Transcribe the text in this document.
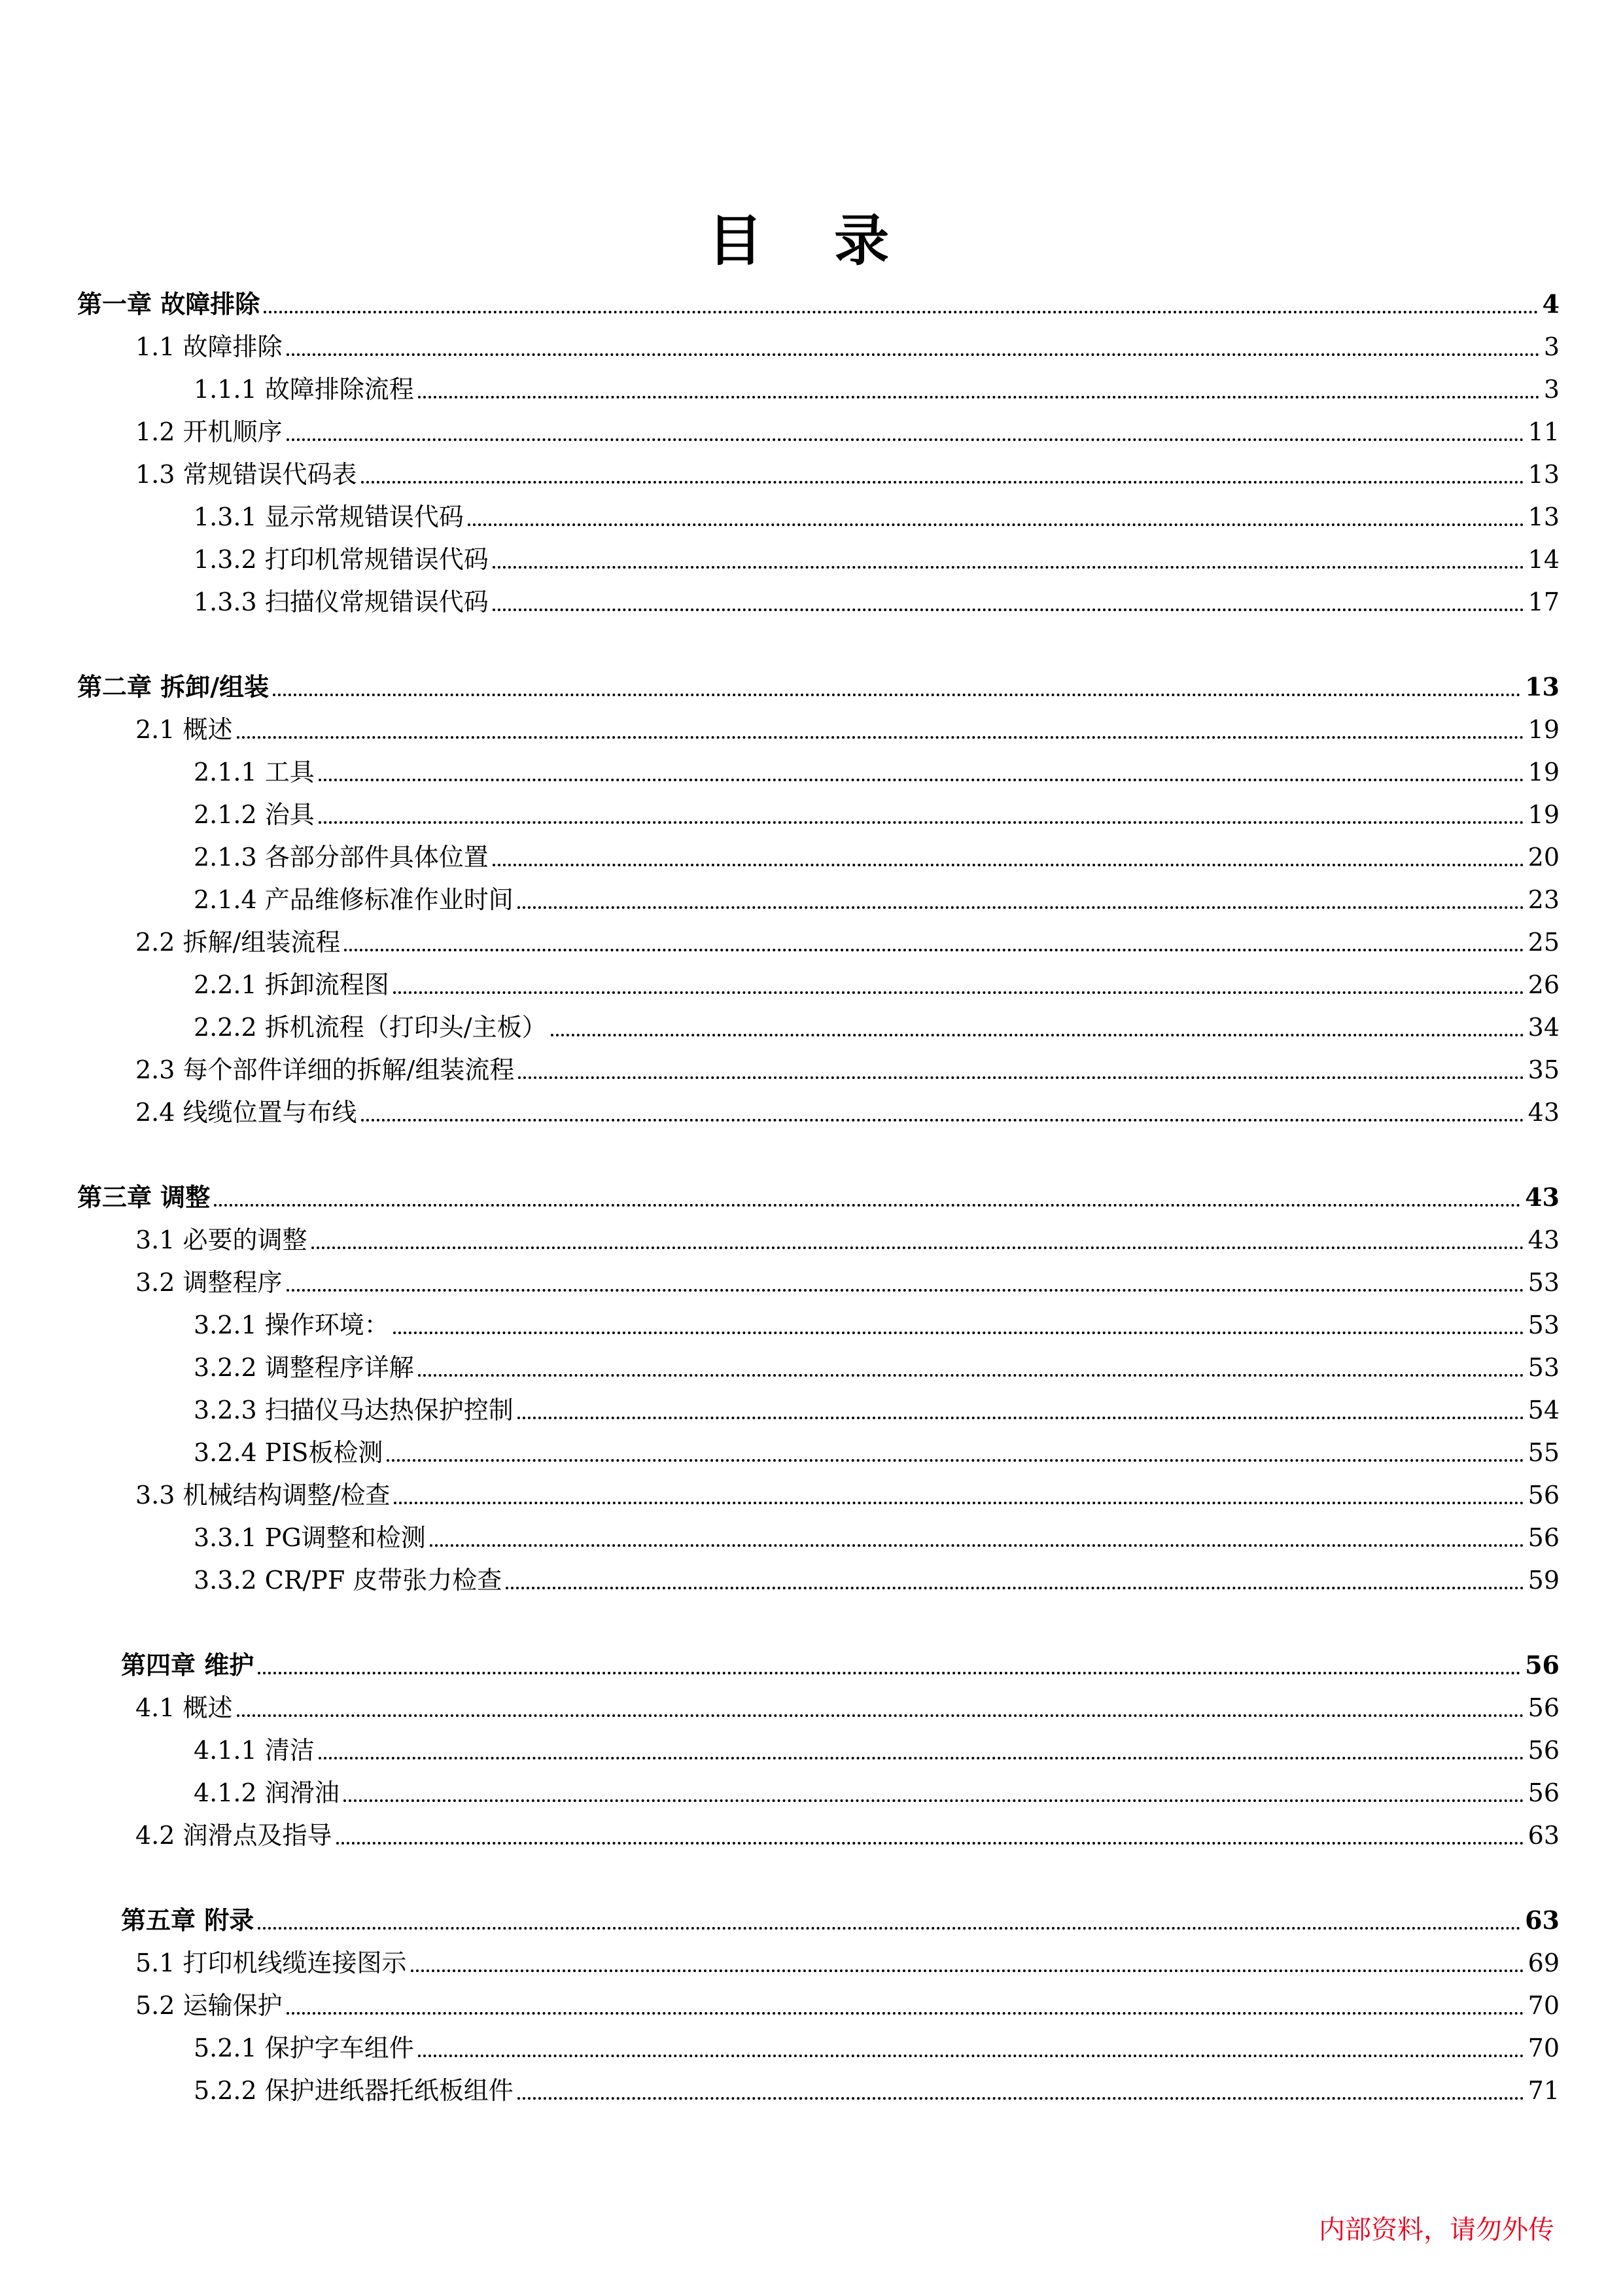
目 录
第一章 故障排除	4
1.1 故障排除	3
1.1.1 故障排除流程	3
1.2 开机顺序	11
1.3 常规错误代码表	13
1.3.1 显示常规错误代码	13
1.3.2 打印机常规错误代码	14
1.3.3 扫描仪常规错误代码	17
第二章 拆卸/组装	13
2.1 概述	19
2.1.1 工具	19
2.1.2 治具	19
2.1.3 各部分部件具体位置	20
2.1.4 产品维修标准作业时间	23
2.2 拆解/组装流程	25
2.2.1 拆卸流程图	26
2.2.2 拆机流程（打印头/主板）	34
2.3 每个部件详细的拆解/组装流程	35
2.4 线缆位置与布线	43
第三章 调整	43
3.1 必要的调整	43
3.2 调整程序	53
3.2.1 操作环境：	53
3.2.2 调整程序详解	53
3.2.3 扫描仪马达热保护控制	54
3.2.4 PIS板检测	55
3.3 机械结构调整/检查	56
3.3.1 PG调整和检测	56
3.3.2 CR/PF 皮带张力检查	59
第四章 维护	56
4.1 概述	56
4.1.1 清洁	56
4.1.2 润滑油	56
4.2 润滑点及指导	63
第五章 附录	63
5.1 打印机线缆连接图示	69
5.2 运输保护	70
5.2.1 保护字车组件	70
5.2.2 保护进纸器托纸板组件	71
内部资料，请勿外传
